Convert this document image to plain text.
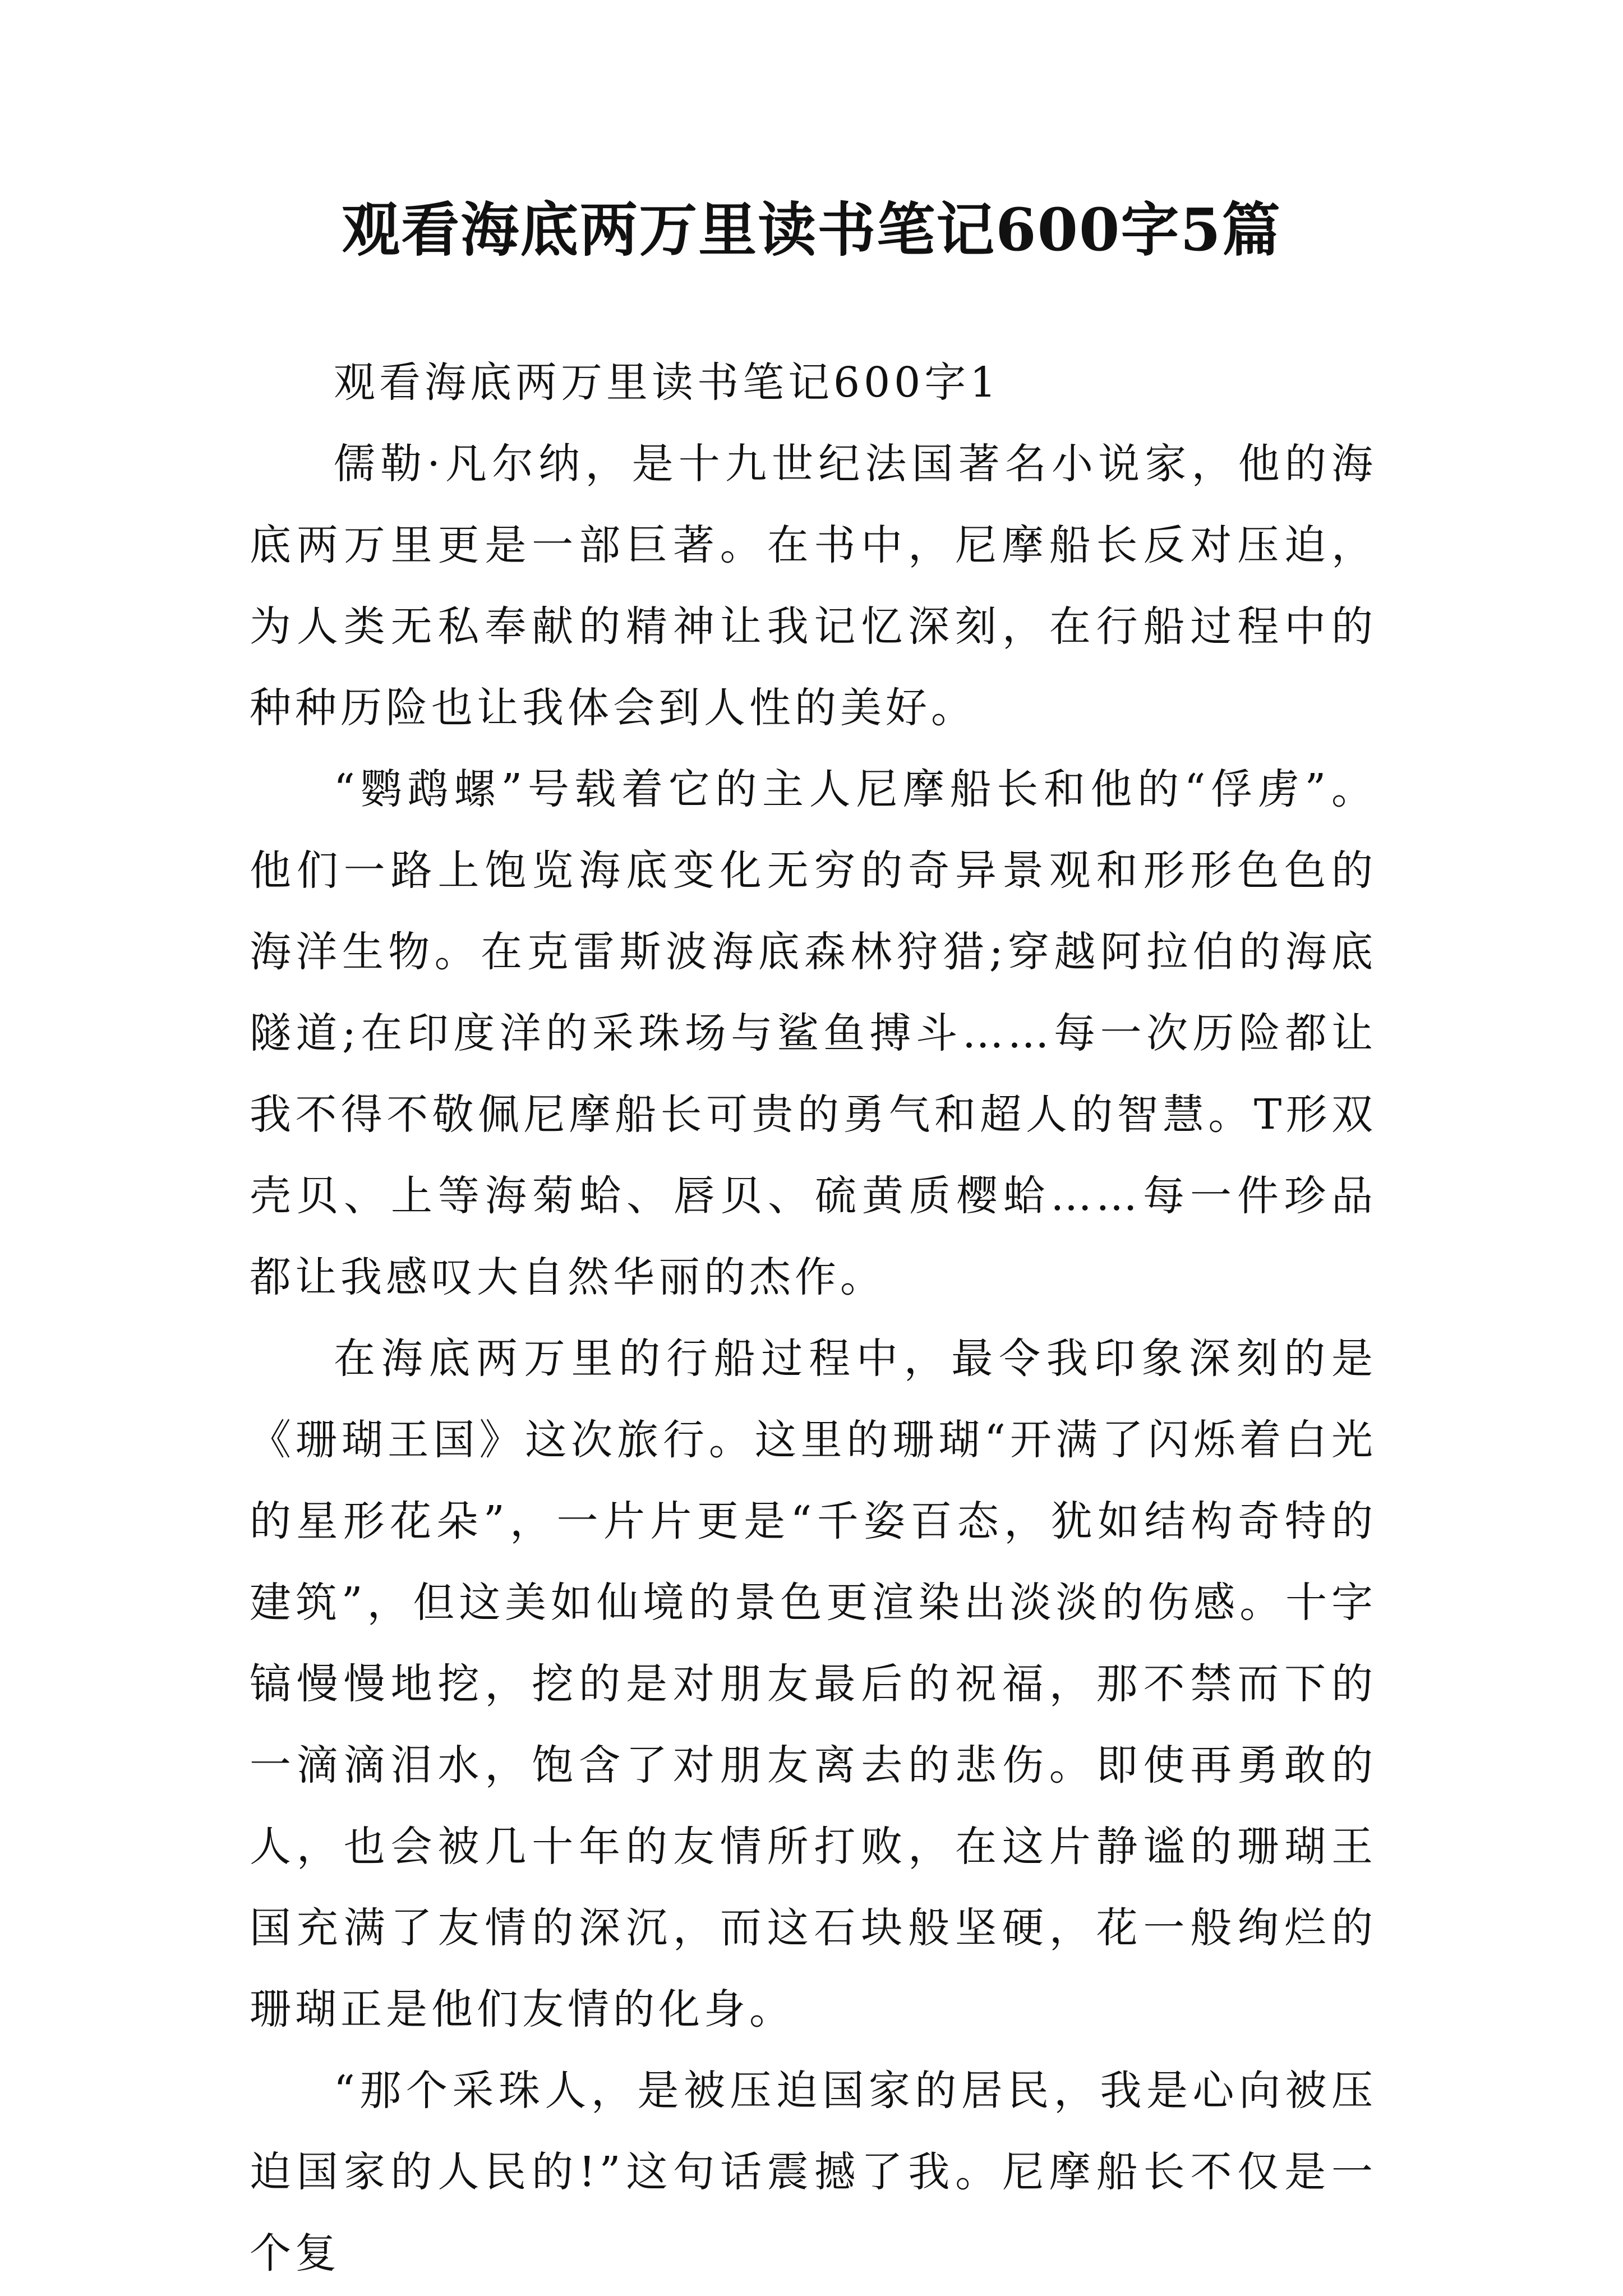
观看海底两万里读书笔记600字5篇

观看海底两万里读书笔记600字1

儒勒·凡尔纳，是十九世纪法国著名小说家，他的海底两万里更是一部巨著。在书中，尼摩船长反对压迫，为人类无私奉献的精神让我记忆深刻，在行船过程中的种种历险也让我体会到人性的美好。

“鹦鹉螺”号载着它的主人尼摩船长和他的“俘虏”。他们一路上饱览海底变化无穷的奇异景观和形形色色的海洋生物。在克雷斯波海底森林狩猎;穿越阿拉伯的海底隧道;在印度洋的采珠场与鲨鱼搏斗……每一次历险都让我不得不敬佩尼摩船长可贵的勇气和超人的智慧。T形双壳贝、上等海菊蛤、唇贝、硫黄质樱蛤……每一件珍品都让我感叹大自然华丽的杰作。

在海底两万里的行船过程中，最令我印象深刻的是《珊瑚王国》这次旅行。这里的珊瑚“开满了闪烁着白光的星形花朵”，一片片更是“千姿百态，犹如结构奇特的建筑”，但这美如仙境的景色更渲染出淡淡的伤感。十字镐慢慢地挖，挖的是对朋友最后的祝福，那不禁而下的一滴滴泪水，饱含了对朋友离去的悲伤。即使再勇敢的人，也会被几十年的友情所打败，在这片静谧的珊瑚王国充满了友情的深沉，而这石块般坚硬，花一般绚烂的珊瑚正是他们友情的化身。

“那个采珠人，是被压迫国家的居民，我是心向被压迫国家的人民的!”这句话震撼了我。尼摩船长不仅是一个复
